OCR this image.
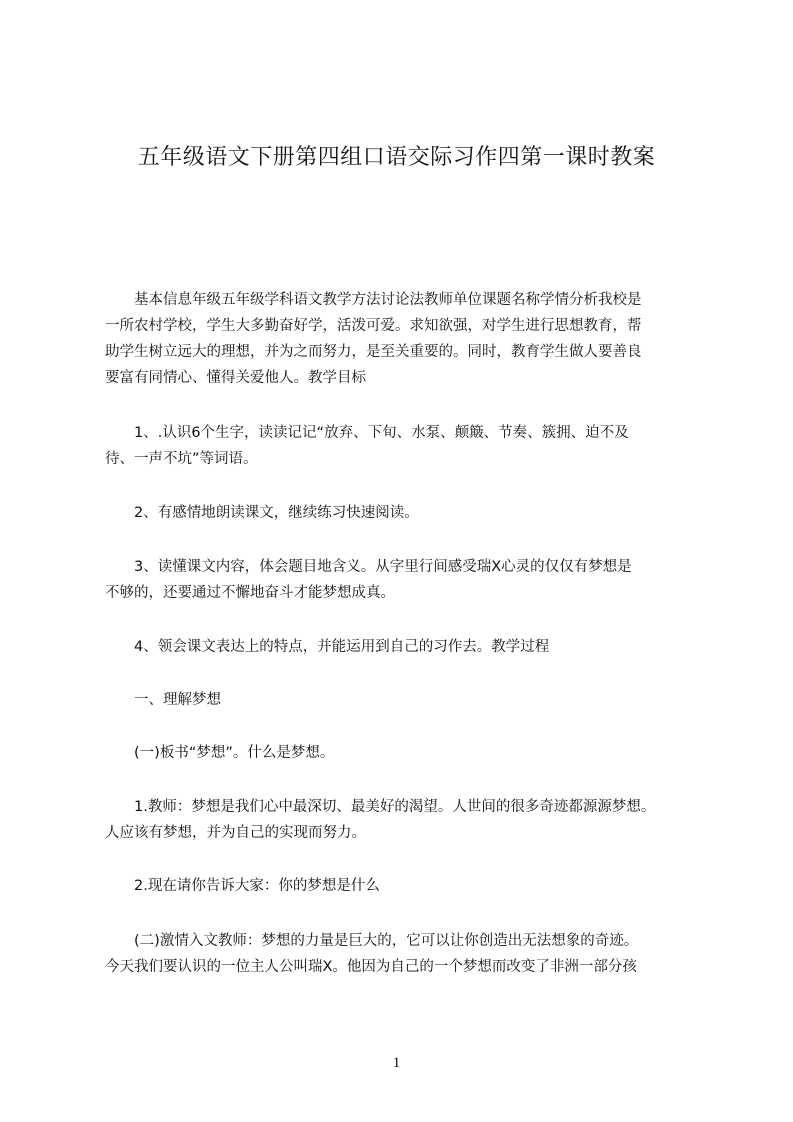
五年级语文下册第四组口语交际习作四第一课时教案
　　基本信息年级五年级学科语文教学方法讨论法教师单位课题名称学情分析我校是
一所农村学校，学生大多勤奋好学，活泼可爱。求知欲强，对学生进行思想教育，帮
助学生树立远大的理想，并为之而努力，是至关重要的。同时，教育学生做人要善良
要富有同情心、懂得关爱他人。教学目标
　　1、.认识6个生字，读读记记“放弃、下旬、水泵、颠簸、节奏、簇拥、迫不及
待、一声不坑”等词语。
　　2、有感情地朗读课文，继续练习快速阅读。
　　3、读懂课文内容，体会题目地含义。从字里行间感受瑞X心灵的仅仅有梦想是
不够的，还要通过不懈地奋斗才能梦想成真。
　　4、领会课文表达上的特点，并能运用到自己的习作去。教学过程
　　一、理解梦想
　　(一)板书“梦想”。什么是梦想。
　　1.教师：梦想是我们心中最深切、最美好的渴望。人世间的很多奇迹都源源梦想。
人应该有梦想，并为自己的实现而努力。
　　2.现在请你告诉大家：你的梦想是什么
　　(二)激情入文教师：梦想的力量是巨大的，它可以让你创造出无法想象的奇迹。
今天我们要认识的一位主人公叫瑞X。他因为自己的一个梦想而改变了非洲一部分孩
1
